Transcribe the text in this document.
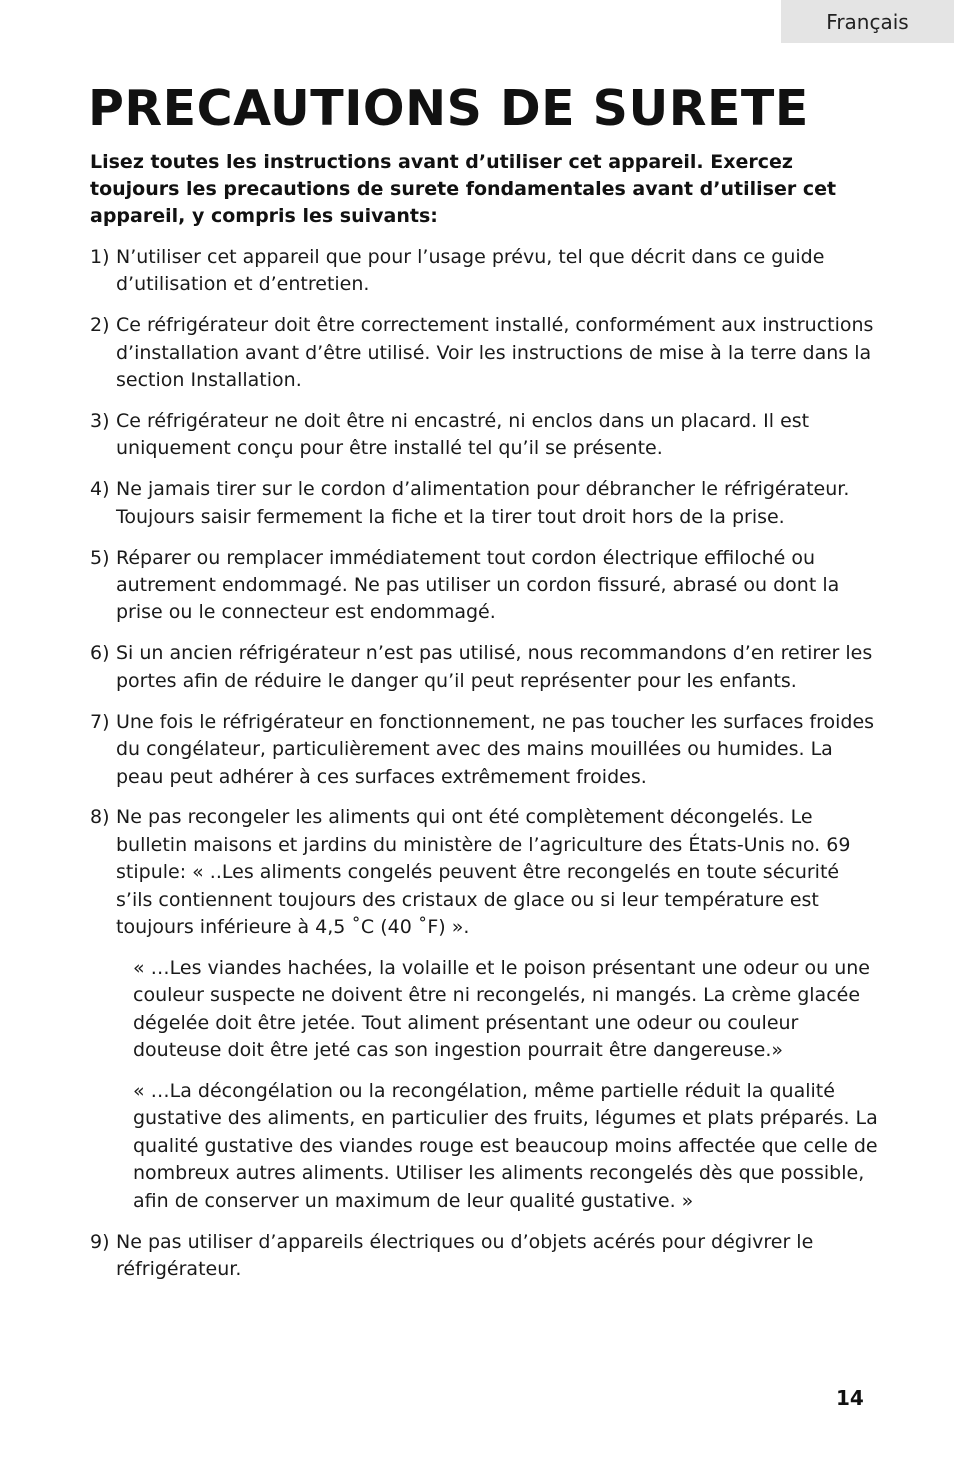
Français
PRECAUTIONS DE SURETE

Lisez toutes les instructions avant d’utiliser cet appareil. Exercez toujours les precautions de surete fondamentales avant d’utiliser cet appareil, y compris les suivants:

1) N’utiliser cet appareil que pour l’usage prévu, tel que décrit dans ce guide d’utilisation et d’entretien.
2) Ce réfrigérateur doit être correctement installé, conformément aux instructions d’installation avant d’être utilisé. Voir les instructions de mise à la terre dans la section Installation.
3) Ce réfrigérateur ne doit être ni encastré, ni enclos dans un placard. Il est uniquement conçu pour être installé tel qu’il se présente.
4) Ne jamais tirer sur le cordon d’alimentation pour débrancher le réfrigérateur. Toujours saisir fermement la fiche et la tirer tout droit hors de la prise.
5) Réparer ou remplacer immédiatement tout cordon électrique effiloché ou autrement endommagé. Ne pas utiliser un cordon fissuré, abrasé ou dont la prise ou le connecteur est endommagé.
6) Si un ancien réfrigérateur n’est pas utilisé, nous recommandons d’en retirer les portes afin de réduire le danger qu’il peut représenter pour les enfants.
7) Une fois le réfrigérateur en fonctionnement, ne pas toucher les surfaces froides du congélateur, particulièrement avec des mains mouillées ou humides. La peau peut adhérer à ces surfaces extrêmement froides.
8) Ne pas recongeler les aliments qui ont été complètement décongelés. Le bulletin maisons et jardins du ministère de l’agriculture des États-Unis no. 69 stipule: « ..Les aliments congelés peuvent être recongelés en toute sécurité s’ils contiennent toujours des cristaux de glace ou si leur température est toujours inférieure à 4,5 ˚C (40 ˚F) ».
« …Les viandes hachées, la volaille et le poison présentant une odeur ou une couleur suspecte ne doivent être ni recongelés, ni mangés. La crème glacée dégelée doit être jetée. Tout aliment présentant une odeur ou couleur douteuse doit être jeté cas son ingestion pourrait être dangereuse.»
« …La décongélation ou la recongélation, même partielle réduit la qualité gustative des aliments, en particulier des fruits, légumes et plats préparés. La qualité gustative des viandes rouge est beaucoup moins affectée que celle de nombreux autres aliments. Utiliser les aliments recongelés dès que possible, afin de conserver un maximum de leur qualité gustative. »
9) Ne pas utiliser d’appareils électriques ou d’objets acérés pour dégivrer le réfrigérateur.
14
